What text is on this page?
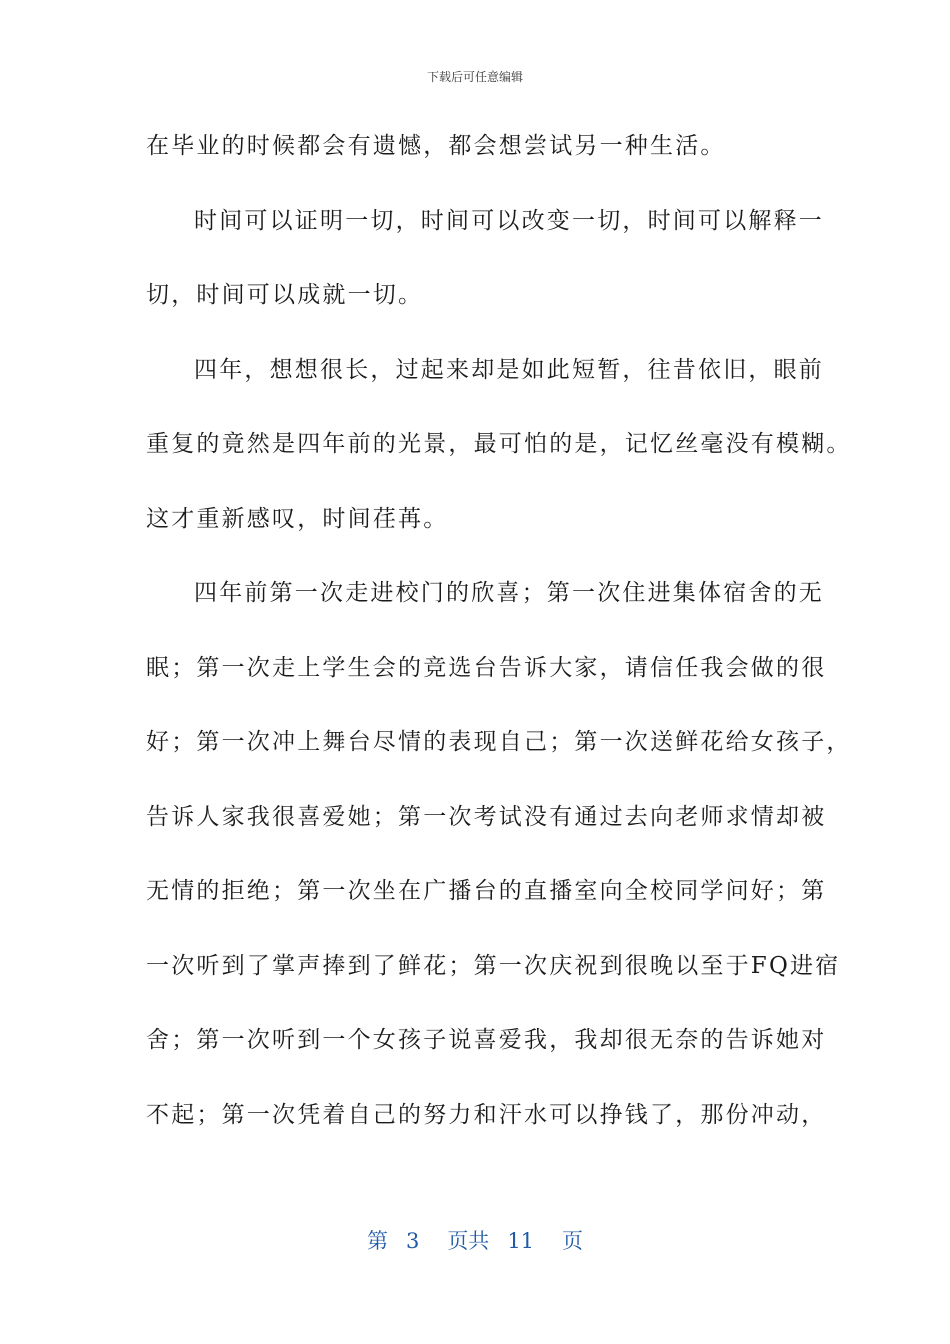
下载后可任意编辑
在毕业的时候都会有遗憾，都会想尝试另一种生活。
时间可以证明一切，时间可以改变一切，时间可以解释一
切，时间可以成就一切。
四年，想想很长，过起来却是如此短暂，往昔依旧，眼前
重复的竟然是四年前的光景，最可怕的是，记忆丝毫没有模糊。
这才重新感叹，时间荏苒。
四年前第一次走进校门的欣喜；第一次住进集体宿舍的无
眠；第一次走上学生会的竞选台告诉大家，请信任我会做的很
好；第一次冲上舞台尽情的表现自己；第一次送鲜花给女孩子，
告诉人家我很喜爱她；第一次考试没有通过去向老师求情却被
无情的拒绝；第一次坐在广播台的直播室向全校同学问好；第
一次听到了掌声捧到了鲜花；第一次庆祝到很晚以至于FQ进宿
舍；第一次听到一个女孩子说喜爱我，我却很无奈的告诉她对
不起；第一次凭着自己的努力和汗水可以挣钱了，那份冲动，
第 3 页共 11 页
